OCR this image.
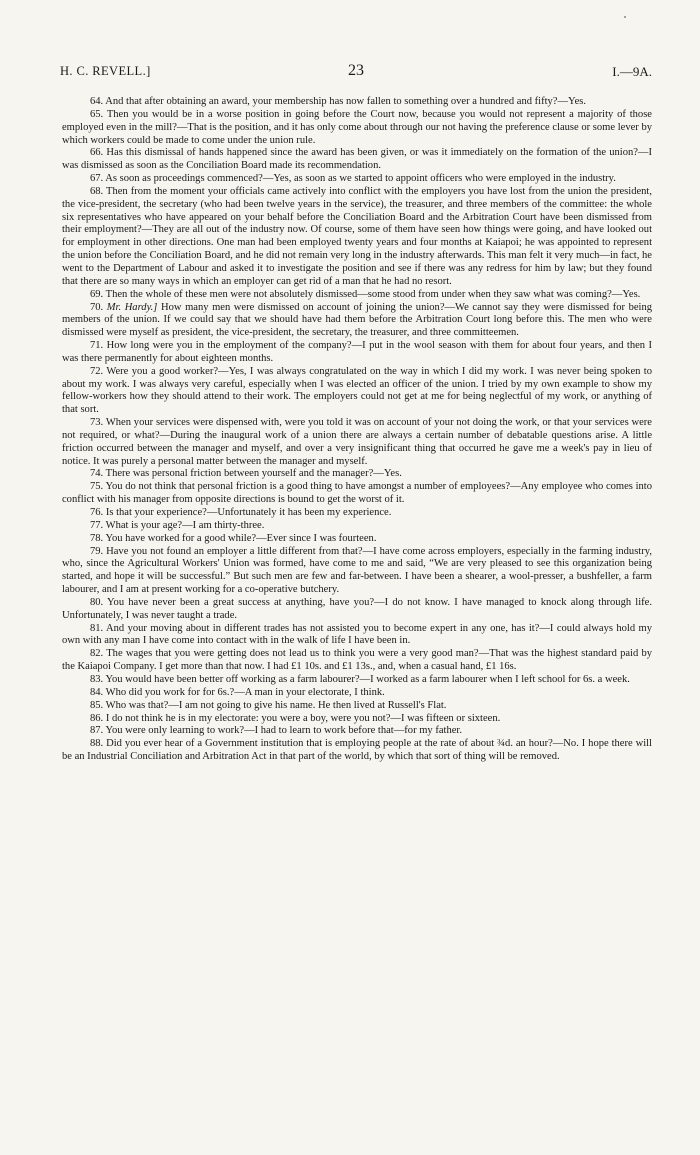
H. C. REVELL.]	23	I.—9A.

64. And that after obtaining an award, your membership has now fallen to something over a hundred and fifty?—Yes.

65. Then you would be in a worse position in going before the Court now, because you would not represent a majority of those employed even in the mill?—That is the position, and it has only come about through our not having the preference clause or some lever by which workers could be made to come under the union rule.

66. Has this dismissal of hands happened since the award has been given, or was it immediately on the formation of the union?—I was dismissed as soon as the Conciliation Board made its recommendation.

67. As soon as proceedings commenced?—Yes, as soon as we started to appoint officers who were employed in the industry.

68. Then from the moment your officials came actively into conflict with the employers you have lost from the union the president, the vice-president, the secretary (who had been twelve years in the service), the treasurer, and three members of the committee: the whole six representatives who have appeared on your behalf before the Conciliation Board and the Arbitration Court have been dismissed from their employment?—They are all out of the industry now. Of course, some of them have seen how things were going, and have looked out for employment in other directions. One man had been employed twenty years and four months at Kaiapoi; he was appointed to represent the union before the Conciliation Board, and he did not remain very long in the industry afterwards. This man felt it very much—in fact, he went to the Department of Labour and asked it to investigate the position and see if there was any redress for him by law; but they found that there are so many ways in which an employer can get rid of a man that he had no resort.

69. Then the whole of these men were not absolutely dismissed—some stood from under when they saw what was coming?—Yes.

70. Mr. Hardy.] How many men were dismissed on account of joining the union?—We cannot say they were dismissed for being members of the union. If we could say that we should have had them before the Arbitration Court long before this. The men who were dismissed were myself as president, the vice-president, the secretary, the treasurer, and three committeemen.

71. How long were you in the employment of the company?—I put in the wool season with them for about four years, and then I was there permanently for about eighteen months.

72. Were you a good worker?—Yes, I was always congratulated on the way in which I did my work. I was never being spoken to about my work. I was always very careful, especially when I was elected an officer of the union. I tried by my own example to show my fellow-workers how they should attend to their work. The employers could not get at me for being neglectful of my work, or anything of that sort.

73. When your services were dispensed with, were you told it was on account of your not doing the work, or that your services were not required, or what?—During the inaugural work of a union there are always a certain number of debatable questions arise. A little friction occurred between the manager and myself, and over a very insignificant thing that occurred he gave me a week's pay in lieu of notice. It was purely a personal matter between the manager and myself.

74. There was personal friction between yourself and the manager?—Yes.

75. You do not think that personal friction is a good thing to have amongst a number of employees?—Any employee who comes into conflict with his manager from opposite directions is bound to get the worst of it.

76. Is that your experience?—Unfortunately it has been my experience.

77. What is your age?—I am thirty-three.

78. You have worked for a good while?—Ever since I was fourteen.

79. Have you not found an employer a little different from that?—I have come across employers, especially in the farming industry, who, since the Agricultural Workers' Union was formed, have come to me and said, “We are very pleased to see this organization being started, and hope it will be successful.” But such men are few and far-between. I have been a shearer, a wool-presser, a bushfeller, a farm labourer, and I am at present working for a co-operative butchery.

80. You have never been a great success at anything, have you?—I do not know. I have managed to knock along through life. Unfortunately, I was never taught a trade.

81. And your moving about in different trades has not assisted you to become expert in any one, has it?—I could always hold my own with any man I have come into contact with in the walk of life I have been in.

82. The wages that you were getting does not lead us to think you were a very good man?—That was the highest standard paid by the Kaiapoi Company. I get more than that now. I had £1 10s. and £1 13s., and, when a casual hand, £1 16s.

83. You would have been better off working as a farm labourer?—I worked as a farm labourer when I left school for 6s. a week.

84. Who did you work for for 6s.?—A man in your electorate, I think.

85. Who was that?—I am not going to give his name. He then lived at Russell's Flat.

86. I do not think he is in my electorate: you were a boy, were you not?—I was fifteen or sixteen.

87. You were only learning to work?—I had to learn to work before that—for my father.

88. Did you ever hear of a Government institution that is employing people at the rate of about ¾d. an hour?—No. I hope there will be an Industrial Conciliation and Arbitration Act in that part of the world, by which that sort of thing will be removed.
